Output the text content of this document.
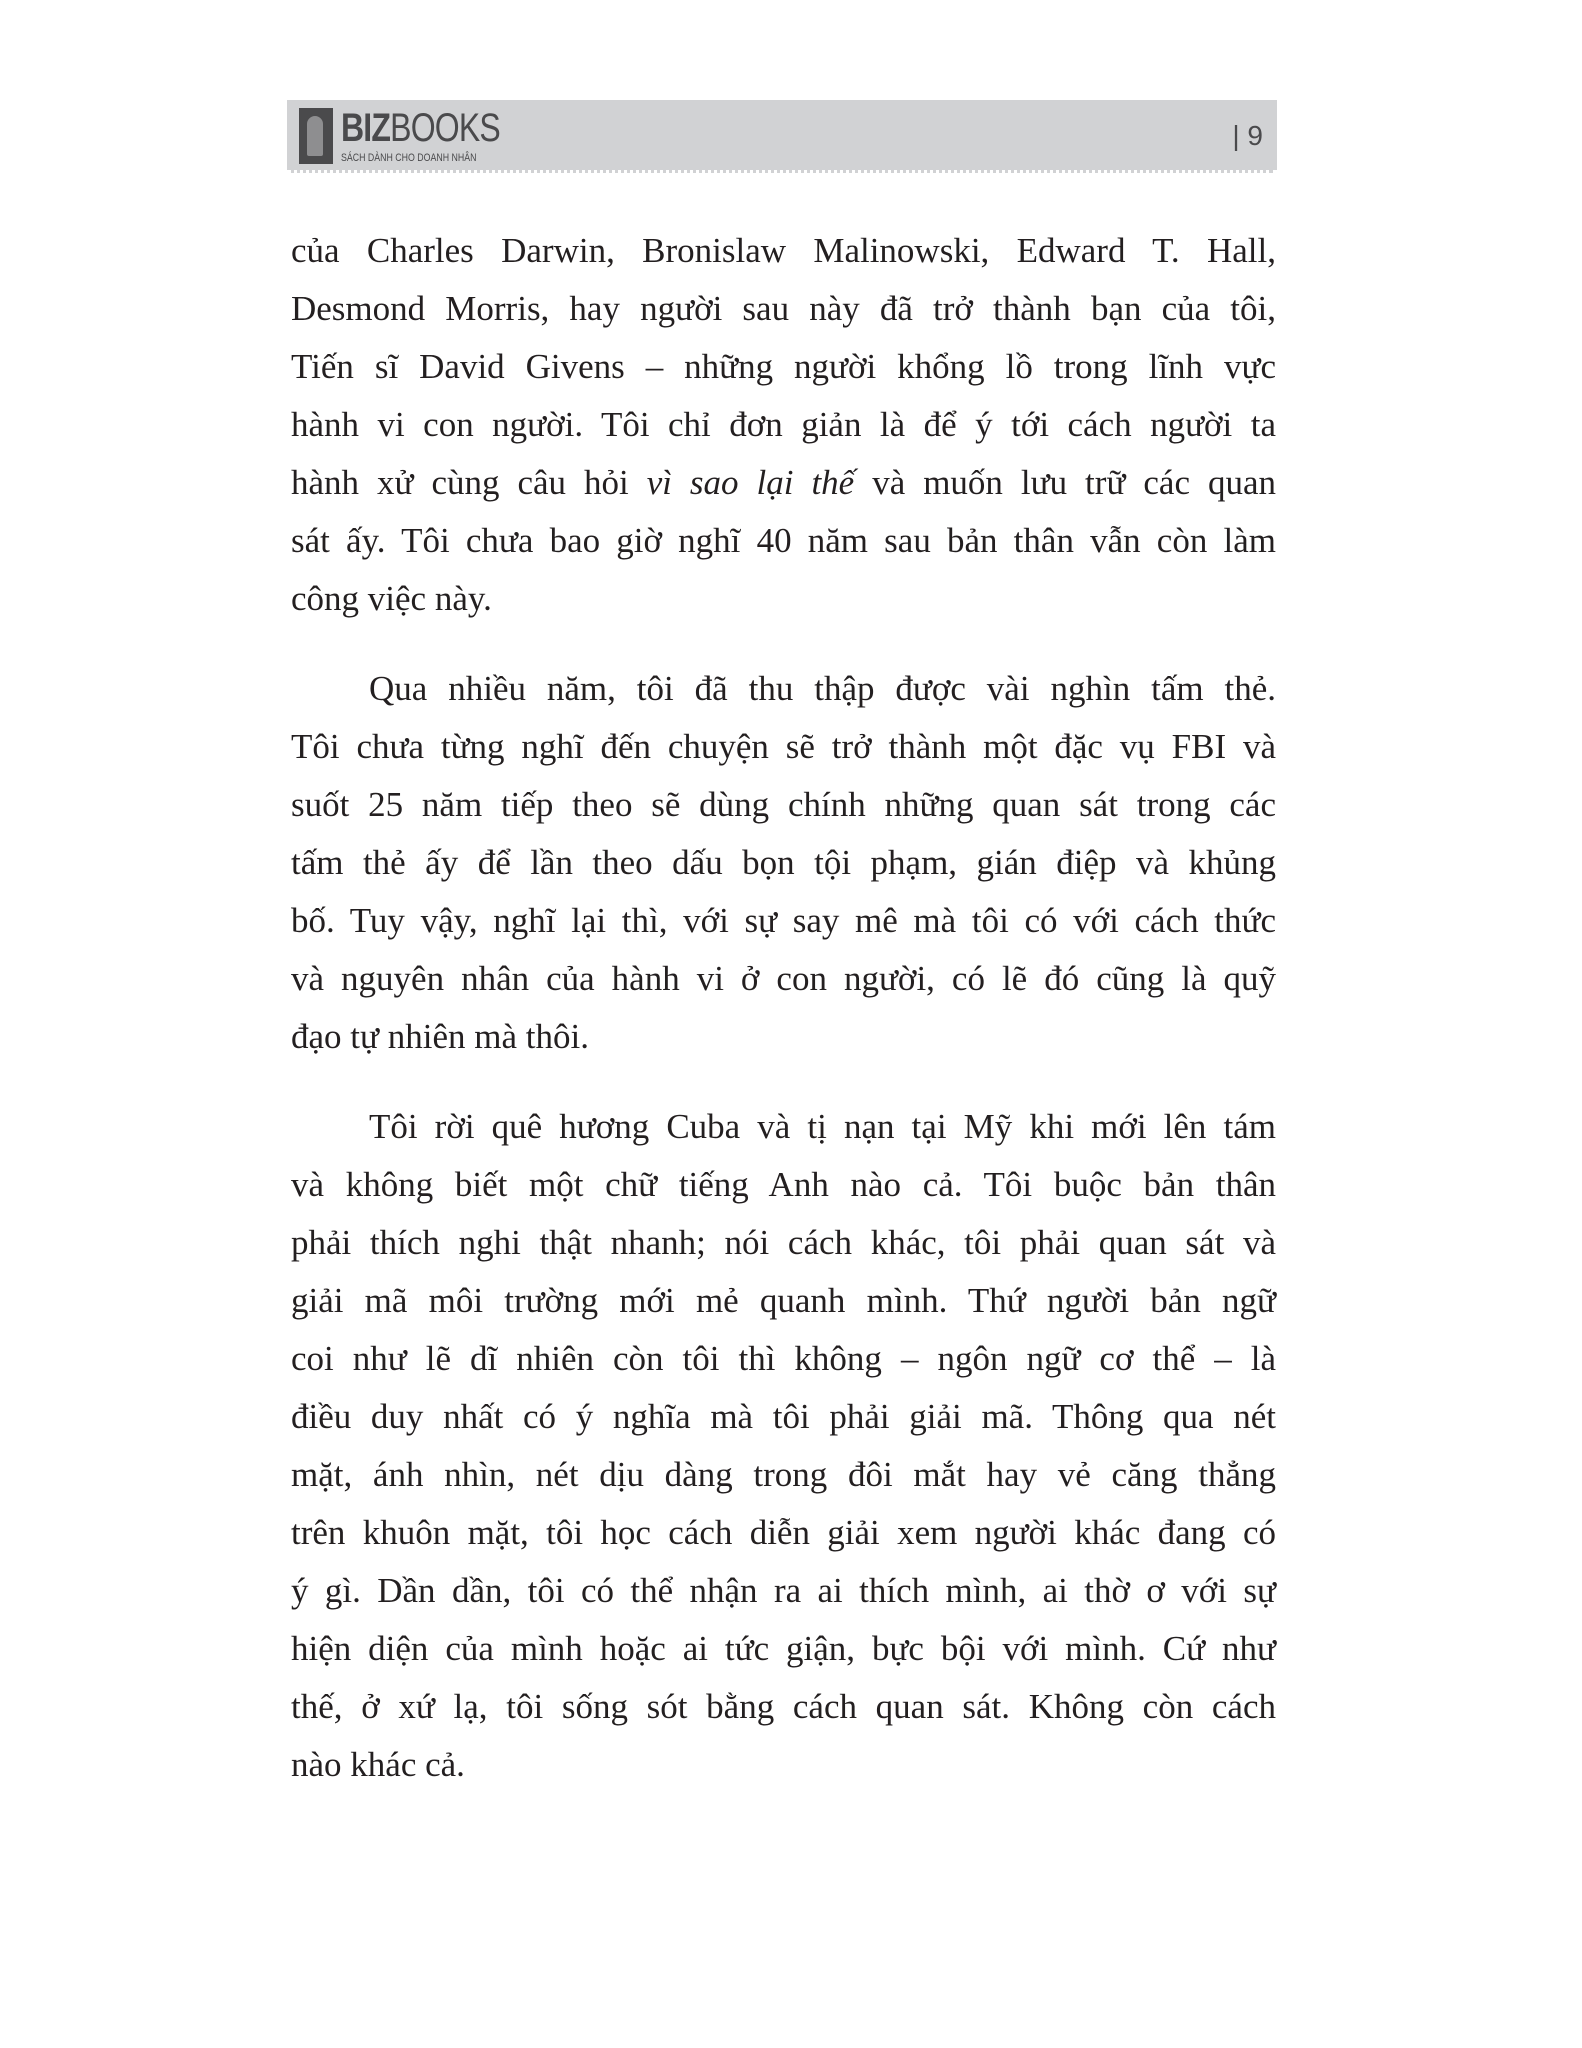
BIZBOOKS
SÁCH DÀNH CHO DOANH NHÂN
| 9
của Charles Darwin, Bronislaw Malinowski, Edward T. Hall,
Desmond Morris, hay người sau này đã trở thành bạn của tôi,
Tiến sĩ David Givens – những người khổng lồ trong lĩnh vực
hành vi con người. Tôi chỉ đơn giản là để ý tới cách người ta
hành xử cùng câu hỏi vì sao lại thế và muốn lưu trữ các quan
sát ấy. Tôi chưa bao giờ nghĩ 40 năm sau bản thân vẫn còn làm
công việc này.
Qua nhiều năm, tôi đã thu thập được vài nghìn tấm thẻ.
Tôi chưa từng nghĩ đến chuyện sẽ trở thành một đặc vụ FBI và
suốt 25 năm tiếp theo sẽ dùng chính những quan sát trong các
tấm thẻ ấy để lần theo dấu bọn tội phạm, gián điệp và khủng
bố. Tuy vậy, nghĩ lại thì, với sự say mê mà tôi có với cách thức
và nguyên nhân của hành vi ở con người, có lẽ đó cũng là quỹ
đạo tự nhiên mà thôi.
Tôi rời quê hương Cuba và tị nạn tại Mỹ khi mới lên tám
và không biết một chữ tiếng Anh nào cả. Tôi buộc bản thân
phải thích nghi thật nhanh; nói cách khác, tôi phải quan sát và
giải mã môi trường mới mẻ quanh mình. Thứ người bản ngữ
coi như lẽ dĩ nhiên còn tôi thì không – ngôn ngữ cơ thể – là
điều duy nhất có ý nghĩa mà tôi phải giải mã. Thông qua nét
mặt, ánh nhìn, nét dịu dàng trong đôi mắt hay vẻ căng thẳng
trên khuôn mặt, tôi học cách diễn giải xem người khác đang có
ý gì. Dần dần, tôi có thể nhận ra ai thích mình, ai thờ ơ với sự
hiện diện của mình hoặc ai tức giận, bực bội với mình. Cứ như
thế, ở xứ lạ, tôi sống sót bằng cách quan sát. Không còn cách
nào khác cả.
